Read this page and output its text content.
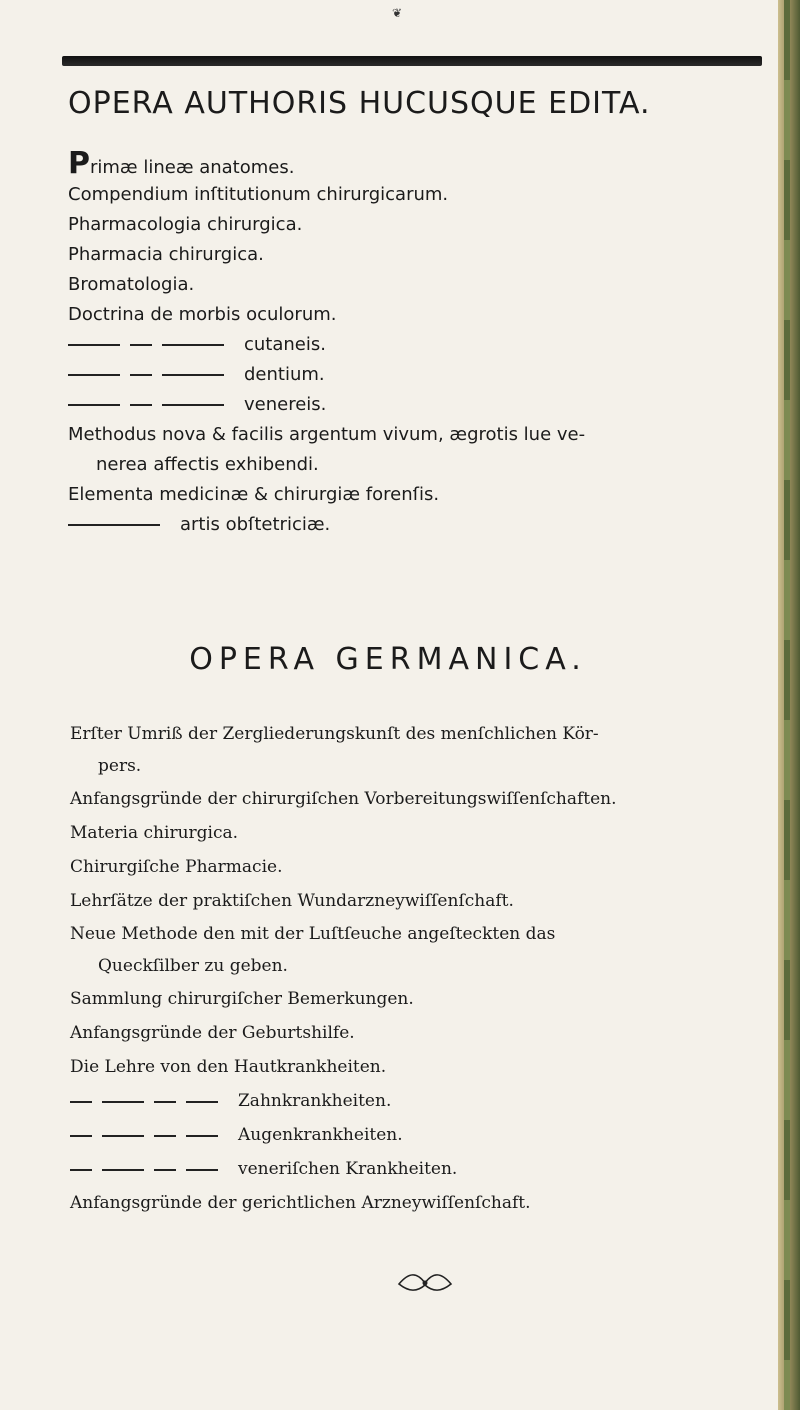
❦
OPERA AUTHORIS HUCUSQUE EDITA.
Primæ lineæ anatomes.
Compendium inſtitutionum chirurgicarum.
Pharmacologia chirurgica.
Pharmacia chirurgica.
Bromatologia.
Doctrina de morbis oculorum.
cutaneis.
dentium.
venereis.
Methodus nova & facilis argentum vivum, ægrotis lue ve-
nerea affectis exhibendi.
Elementa medicinæ & chirurgiæ forenſis.
artis obſtetriciæ.
OPERA GERMANICA.
Erſter Umriß der Zergliederungskunſt des menſchlichen Kör-
pers.
Anfangsgründe der chirurgiſchen Vorbereitungswiſſenſchaften.
Materia chirurgica.
Chirurgiſche Pharmacie.
Lehrſätze der praktiſchen Wundarzneywiſſenſchaft.
Neue Methode den mit der Luſtſeuche angeſteckten das
Queckſilber zu geben.
Sammlung chirurgiſcher Bemerkungen.
Anfangsgründe der Geburtshilfe.
Die Lehre von den Hautkrankheiten.
Zahnkrankheiten.
Augenkrankheiten.
veneriſchen Krankheiten.
Anfangsgründe der gerichtlichen Arzneywiſſenſchaft.
